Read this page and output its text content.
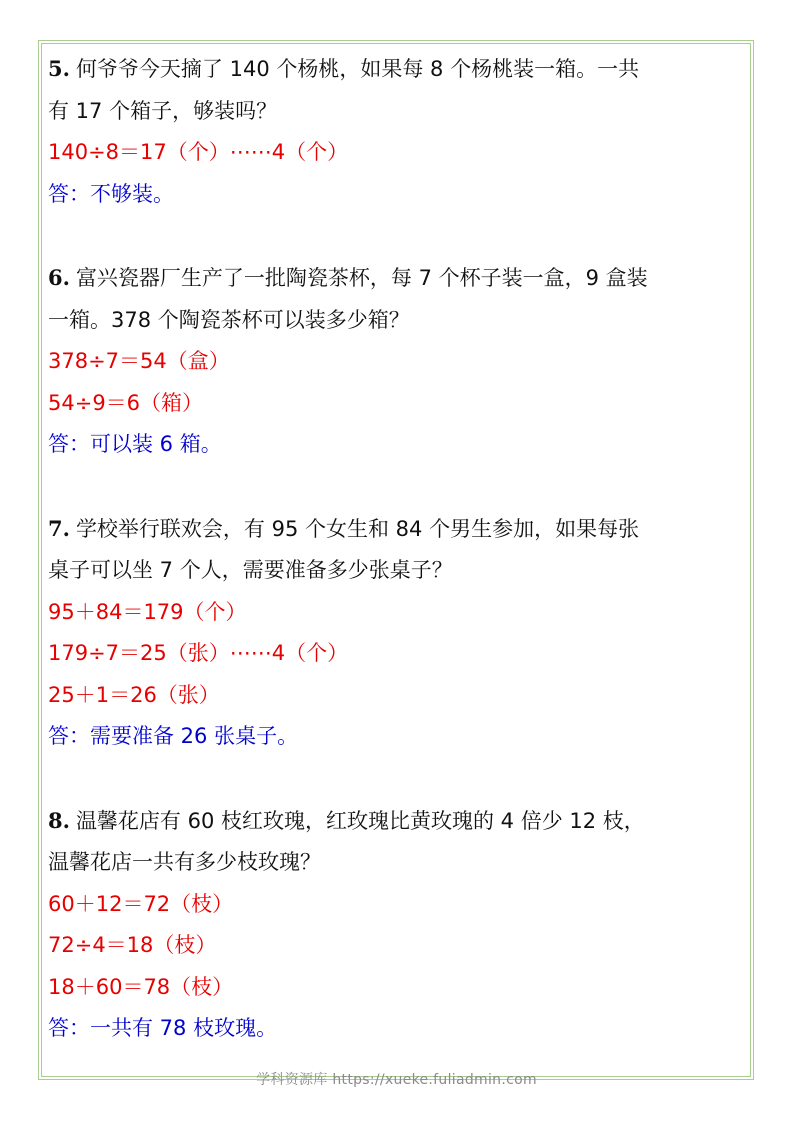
5. 何爷爷今天摘了 140 个杨桃，如果每 8 个杨桃装一箱。一共
有 17 个箱子，够装吗？
140÷8＝17（个）⋯⋯4（个）
答：不够装。
6. 富兴瓷器厂生产了一批陶瓷茶杯，每 7 个杯子装一盒，9 盒装
一箱。378 个陶瓷茶杯可以装多少箱？
378÷7＝54（盒）
54÷9＝6（箱）
答：可以装 6 箱。
7. 学校举行联欢会，有 95 个女生和 84 个男生参加，如果每张
桌子可以坐 7 个人，需要准备多少张桌子？
95＋84＝179（个）
179÷7＝25（张）⋯⋯4（个）
25＋1＝26（张）
答：需要准备 26 张桌子。
8. 温馨花店有 60 枝红玫瑰，红玫瑰比黄玫瑰的 4 倍少 12 枝，
温馨花店一共有多少枝玫瑰？
60＋12＝72（枝）
72÷4＝18（枝）
18＋60＝78（枝）
答：一共有 78 枝玫瑰。
学科资源库 https://xueke.fuliadmin.com
